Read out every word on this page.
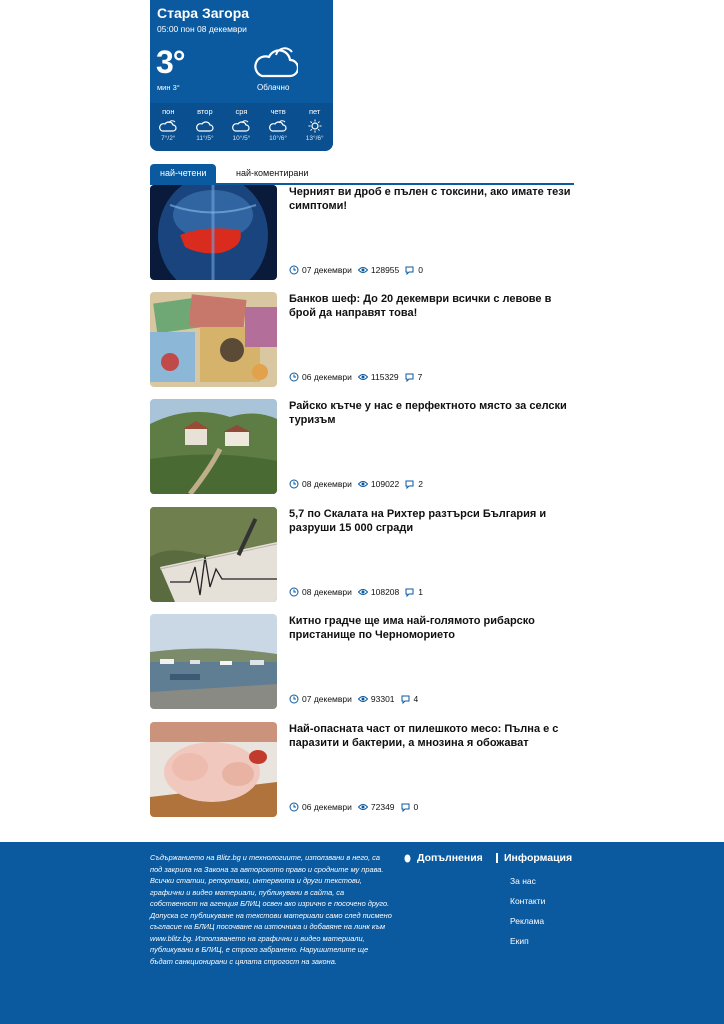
Стара Загора
05:00 пон 08 декември
3°
мин 3°	Облачно
пон
7°/2°
втор
11°/5°
сря
10°/5°
четв
10°/6°
пет
13°/6°
най-четени	най-коментирани
Черният ви дроб е пълен с токсини, ако имате тези симптоми!
07 декември 128955 0
Банков шеф: До 20 декември всички с левове в брой да направят това!
06 декември 115329 7
Райско кътче у нас е перфектното място за селски туризъм
08 декември 109022 2
5,7 по Скалата на Рихтер разтърси България и разруши 15 000 сгради
08 декември 108208 1
Китно градче ще има най-голямото рибарско пристанище по Черноморието
07 декември 93301 4
Най-опасната част от пилешкото месо: Пълна е с паразити и бактерии, а мнозина я обожават
06 декември 72349 0
Съдържанието на Blitz.bg и технологиите, използвани в него, са под закрила на Закона за авторското право и сродните му права. Всички статии, репортажи, интервюта и други текстови, графични и видео материали, публикувани в сайта, са собственост на агенция БЛИЦ освен ако изрично е посочено друго. Допуска се публикуване на текстови материали само след писмено съгласие на БЛИЦ посочване на източника и добавяне на линк към www.blitz.bg. Използването на графични и видео материали, публикувани в БЛИЦ, е строго забранено. Нарушителите ще бъдат санкционирани с цялата строгост на закона.
Допълнения Информация
За нас
Контакти
Реклама
Екип
